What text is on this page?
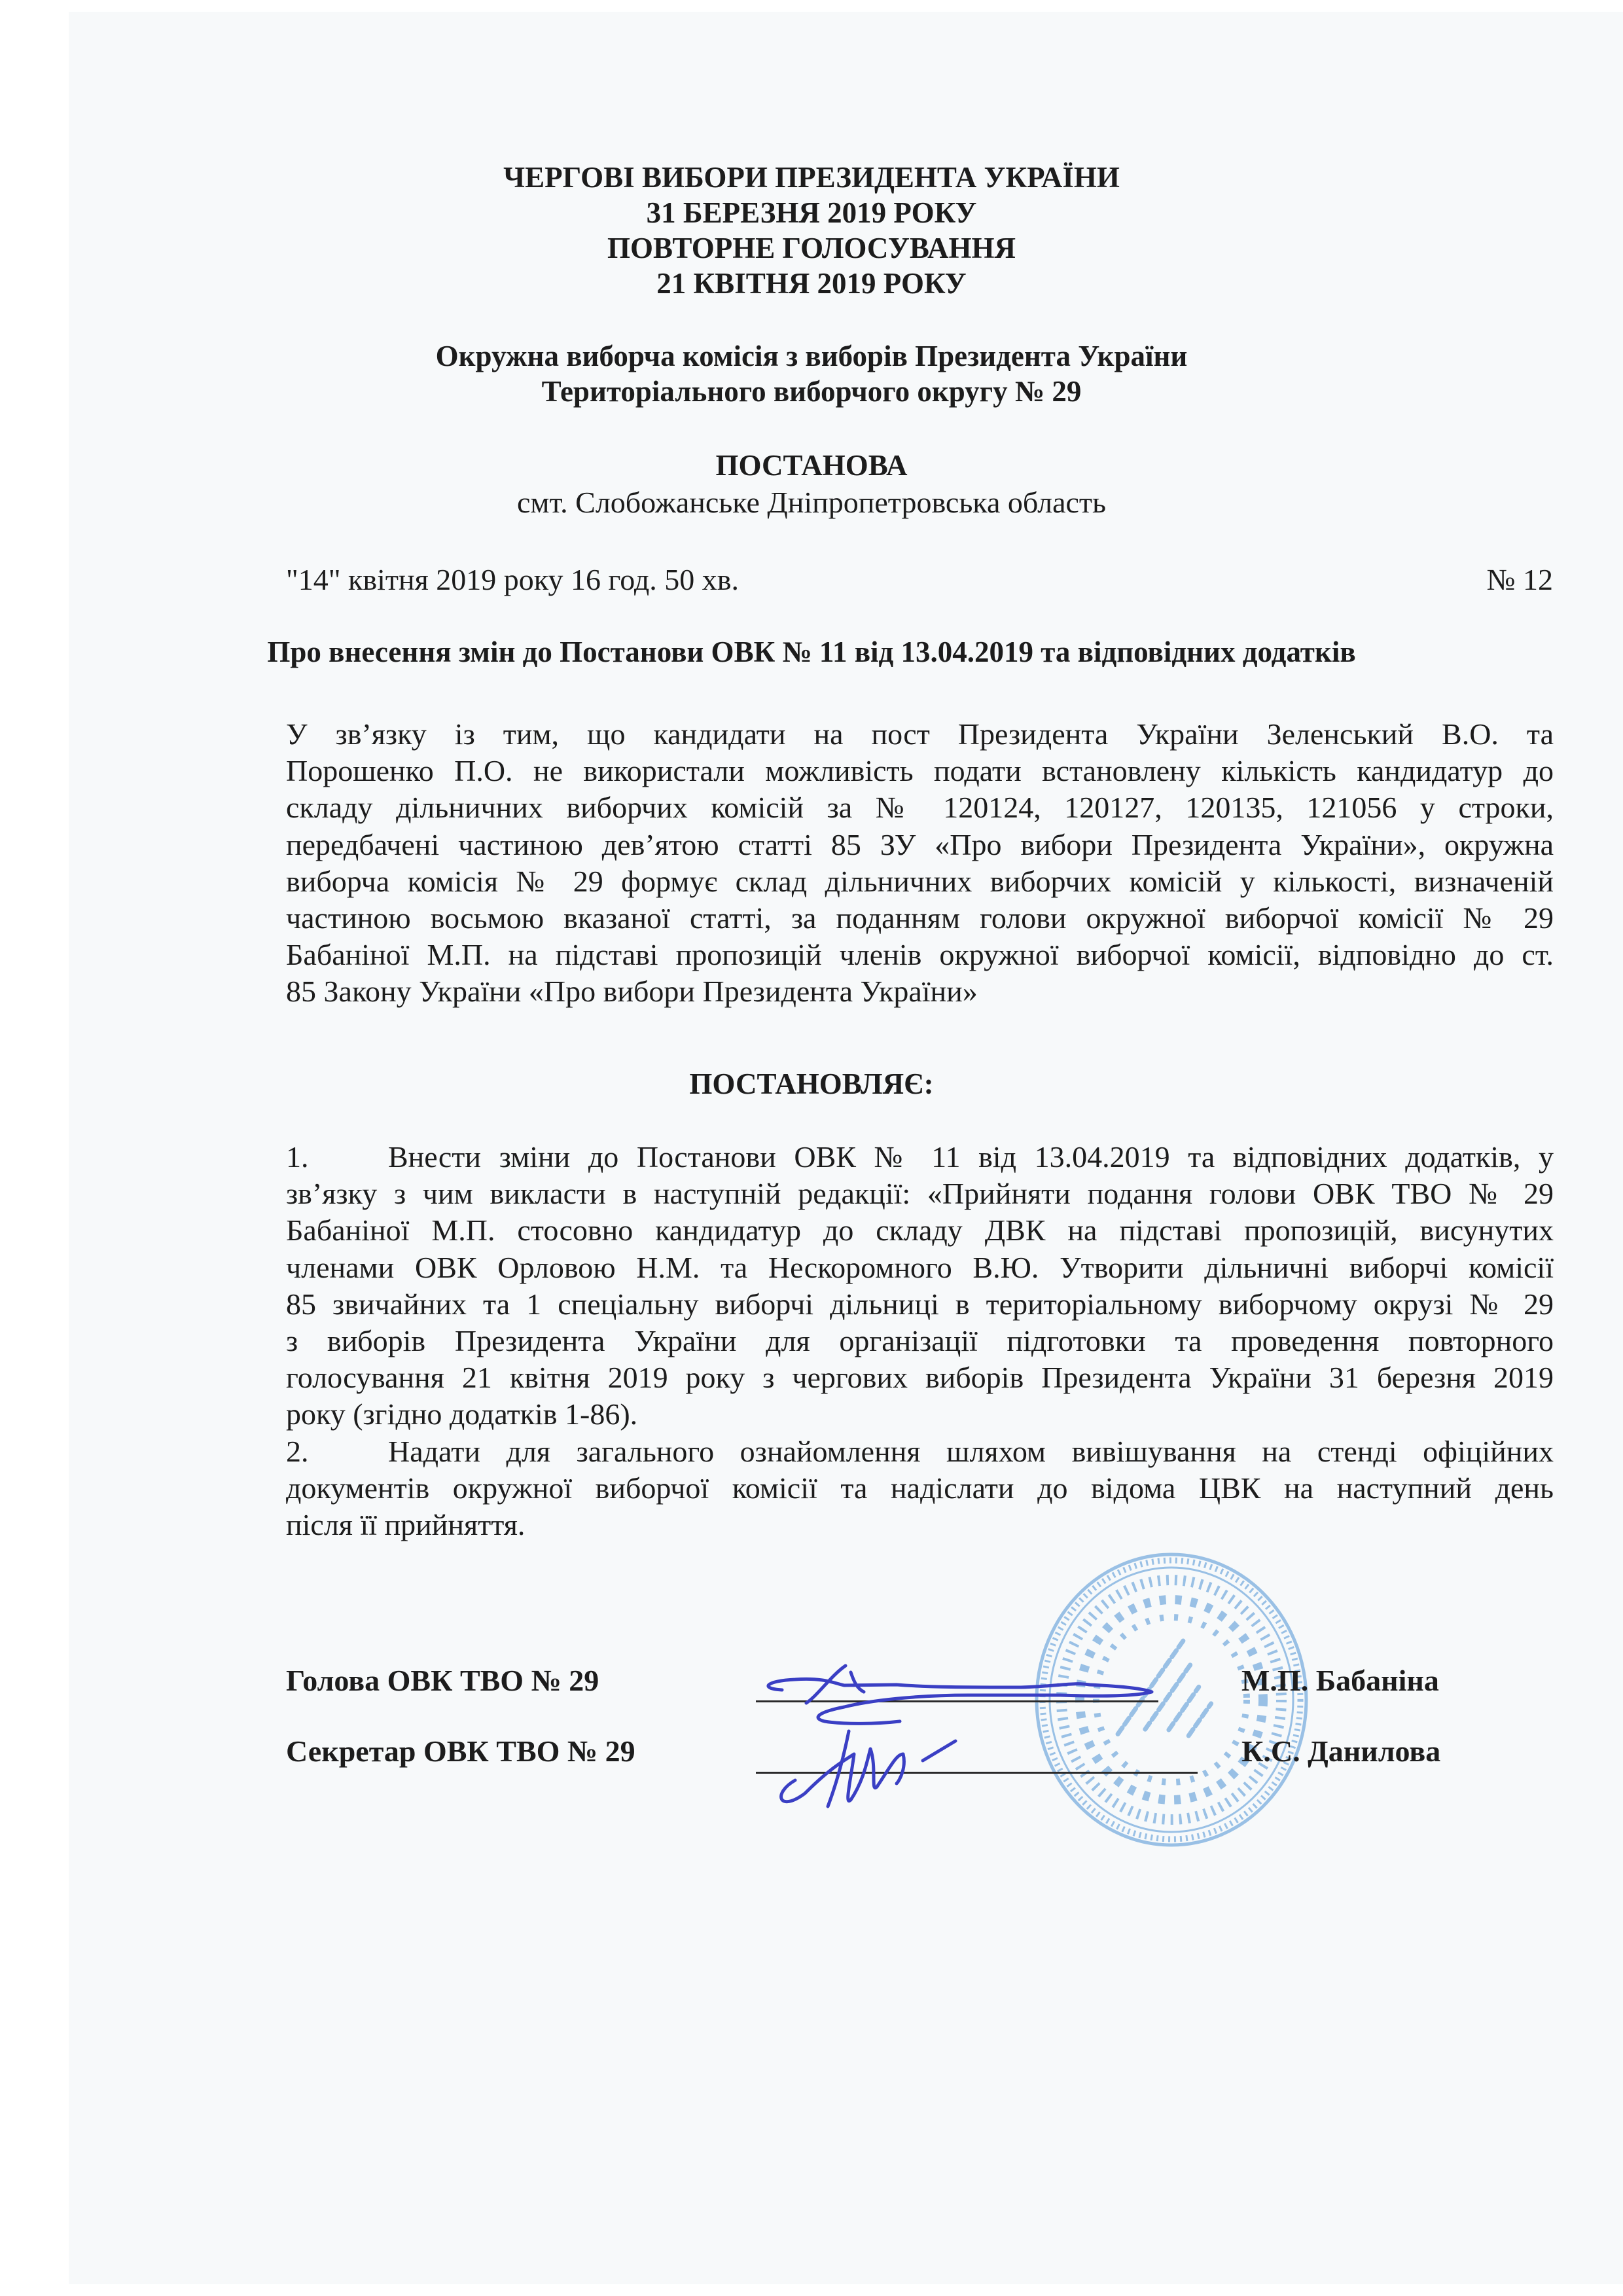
ЧЕРГОВІ ВИБОРИ ПРЕЗИДЕНТА УКРАЇНИ
31 БЕРЕЗНЯ 2019 РОКУ
ПОВТОРНЕ ГОЛОСУВАННЯ
21 КВІТНЯ 2019 РОКУ
Окружна виборча комісія з виборів Президента України
Територіального виборчого округу № 29
ПОСТАНОВА
смт. Слобожанське Дніпропетровська область
"14" квітня 2019 року 16 год. 50 хв.	№ 12
Про внесення змін до Постанови ОВК № 11 від 13.04.2019 та відповідних додатків
У зв’язку із тим, що кандидати на пост Президента України Зеленський В.О. та
Порошенко П.О. не використали можливість подати встановлену кількість кандидатур до
складу дільничних виборчих комісій за № 120124, 120127, 120135, 121056 у строки,
передбачені частиною дев’ятою статті 85 ЗУ «Про вибори Президента України», окружна
виборча комісія № 29 формує склад дільничних виборчих комісій у кількості, визначеній
частиною восьмою вказаної статті, за поданням голови окружної виборчої комісії № 29
Бабаніної М.П. на підставі пропозицій членів окружної виборчої комісії, відповідно до ст.
85 Закону України «Про вибори Президента України»
ПОСТАНОВЛЯЄ:
1.	Внести зміни до Постанови ОВК № 11 від 13.04.2019 та відповідних додатків, у
зв’язку з чим викласти в наступній редакції: «Прийняти подання голови ОВК ТВО № 29
Бабаніної М.П. стосовно кандидатур до складу ДВК на підставі пропозицій, висунутих
членами ОВК Орловою Н.М. та Нескоромного В.Ю. Утворити дільничні виборчі комісії
85 звичайних та 1 спеціальну виборчі дільниці в територіальному виборчому окрузі № 29
з виборів Президента України для організації підготовки та проведення повторного
голосування 21 квітня 2019 року з чергових виборів Президента України 31 березня 2019
року (згідно додатків 1-86).
2.	Надати для загального ознайомлення шляхом вивішування на стенді офіційних
документів окружної виборчої комісії та надіслати до відома ЦВК на наступний день
після її прийняття.
Голова ОВК ТВО № 29	М.П. Бабаніна
Секретар ОВК ТВО № 29	К.С. Данилова
